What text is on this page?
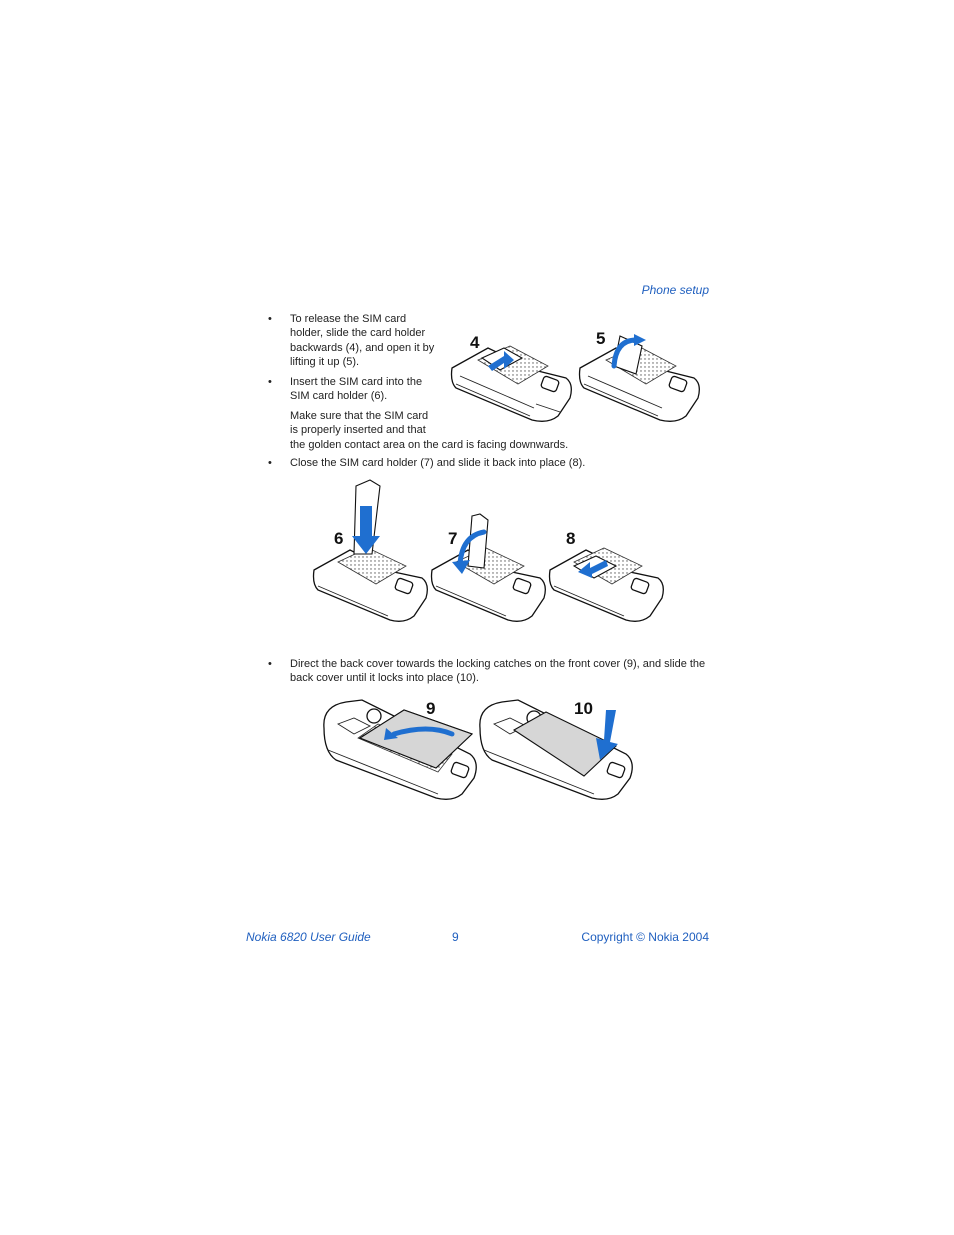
Phone setup
• To release the SIM card
holder, slide the card holder
backwards (4), and open it by
lifting it up (5).
• Insert the SIM card into the
SIM card holder (6).
Make sure that the SIM card
is properly inserted and that
the golden contact area on the card is facing downwards.
• Close the SIM card holder (7) and slide it back into place (8).
• Direct the back cover towards the locking catches on the front cover (9), and slide the
back cover until it locks into place (10).
4	5
6	7	8
9	10
Nokia 6820 User Guide	9	Copyright © Nokia 2004
